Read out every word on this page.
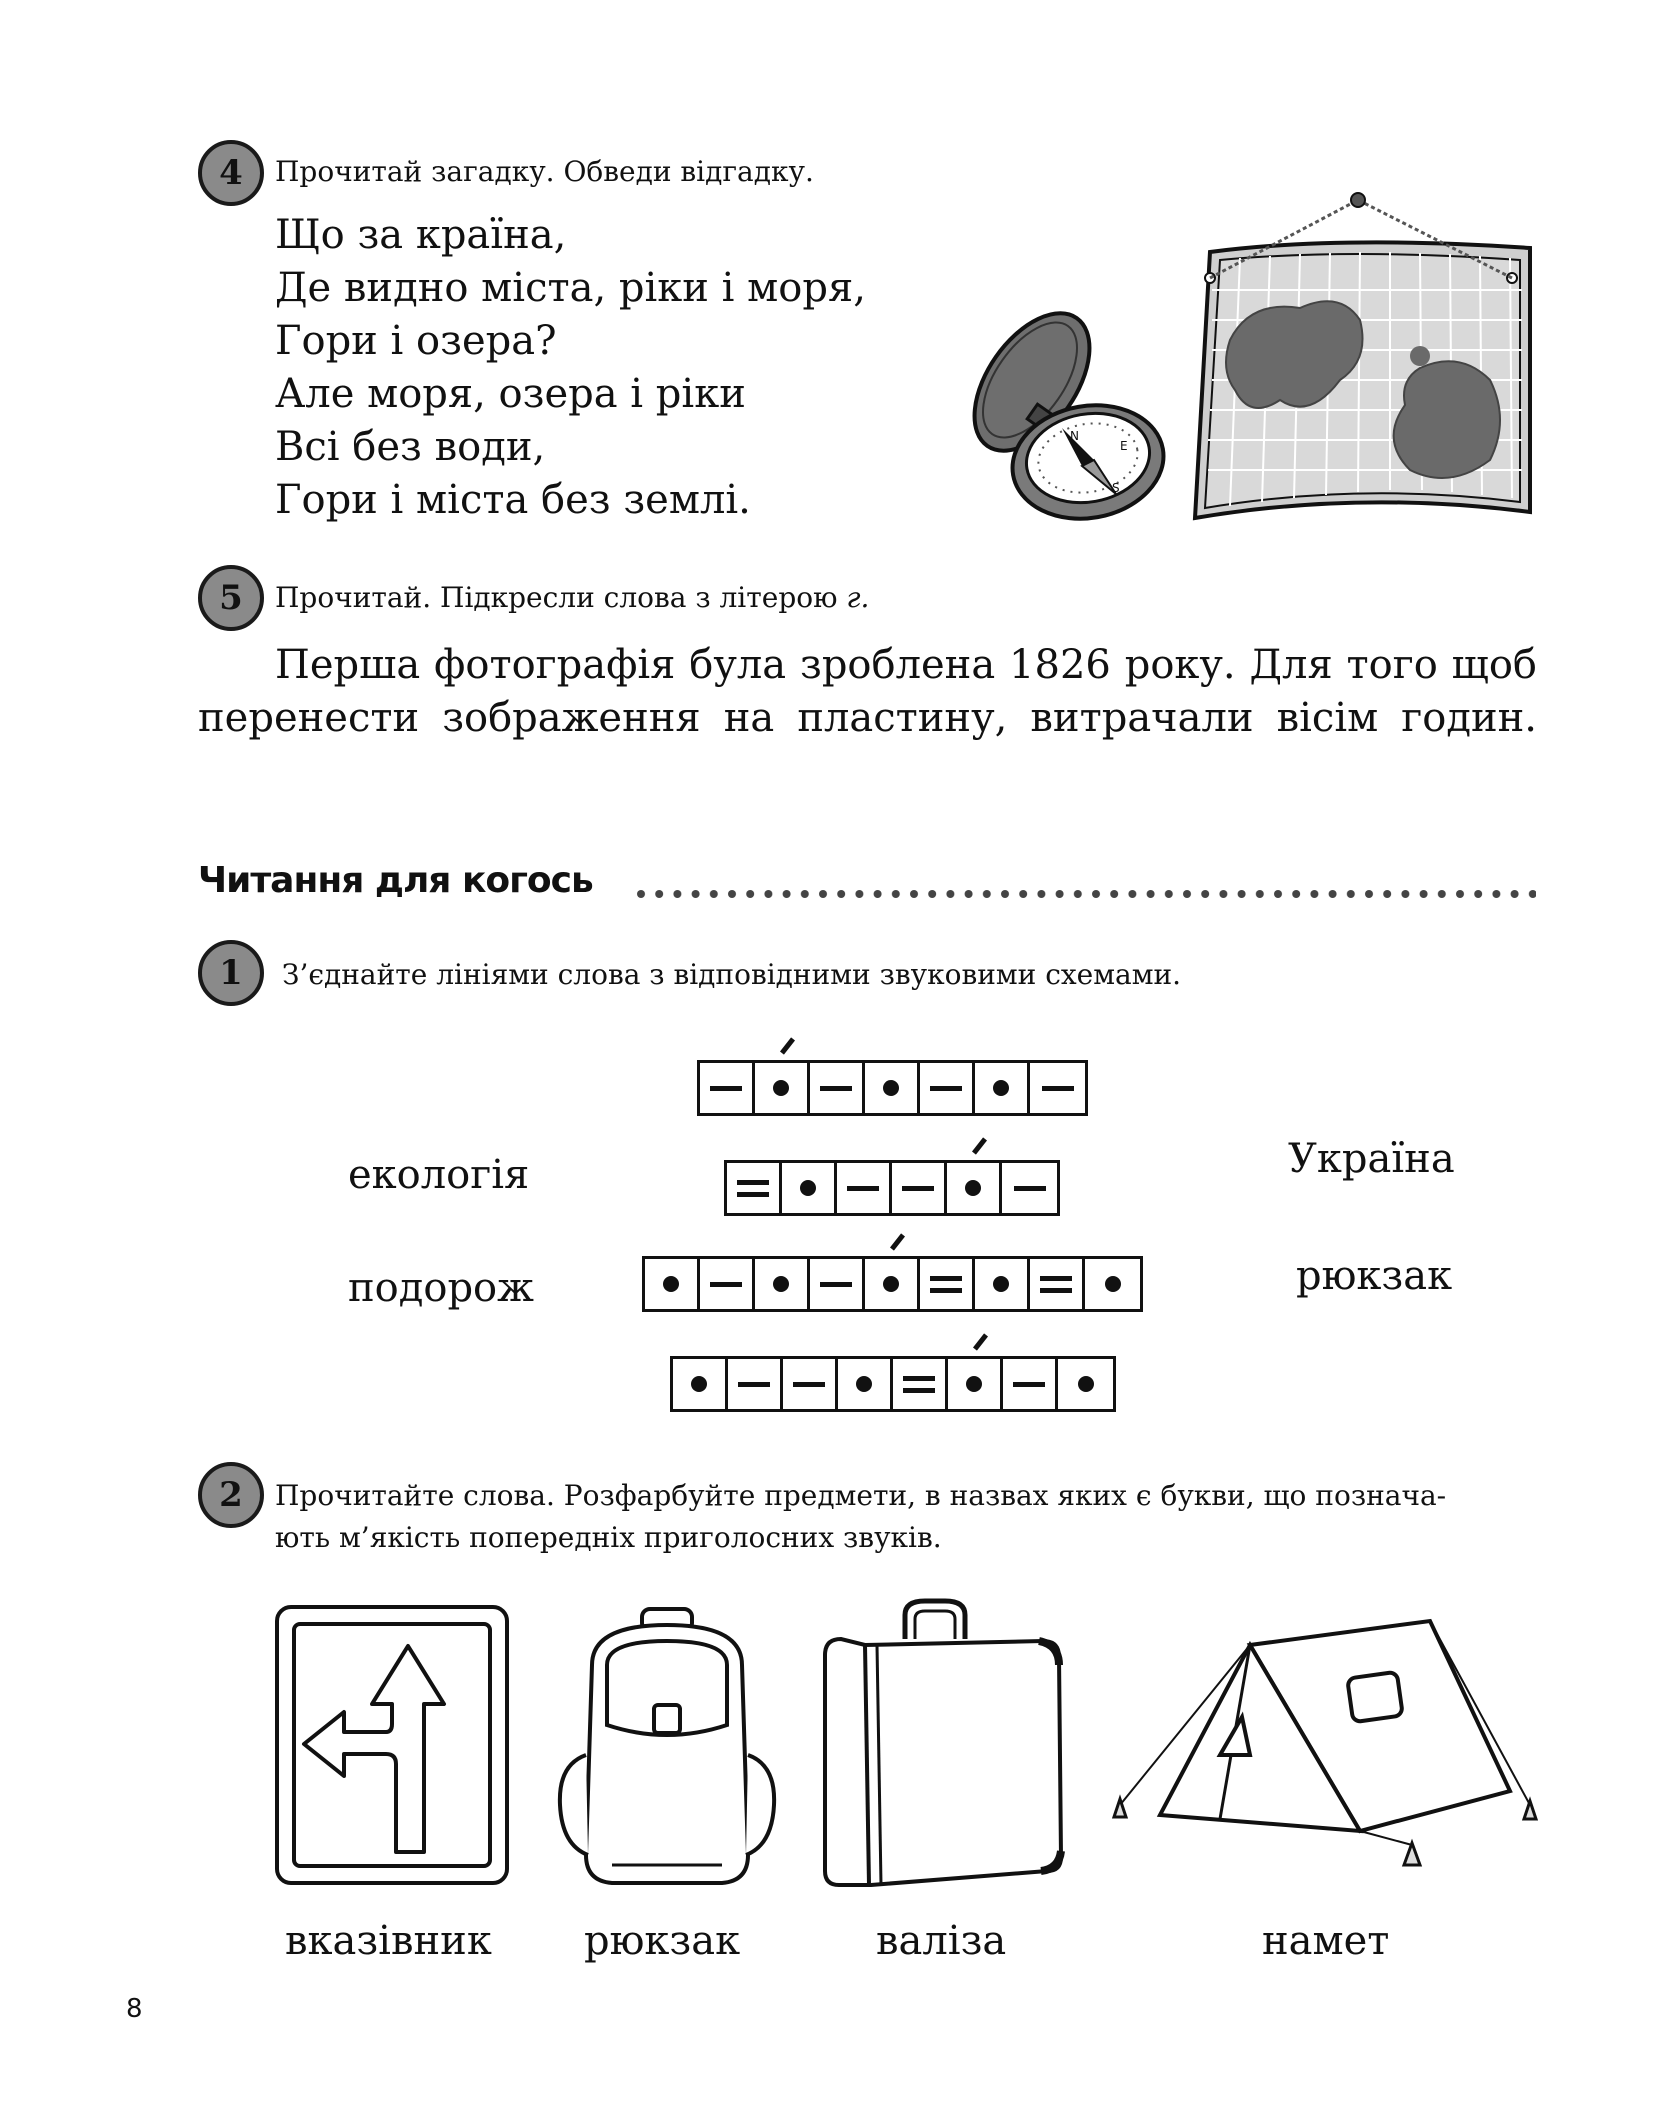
4	Прочитай загадку. Обведи відгадку.
Що за країна,
Де видно міста, ріки і моря,
Гори і озера?
Але моря, озера і ріки
Всі без води,
Гори і міста без землі.
N
E
S
5	Прочитай. Підкресли слова з літерою г.
Перша фотографія була зроблена 1826 року. Для того щоб
перенести зображення на пластину, витрачали вісім годин.
Читання для когось
1	З’єднайте лініями слова з відповідними звуковими схемами.
екологія
подорож
Україна
рюкзак
2	Прочитайте слова. Розфарбуйте предмети, в назвах яких є букви, що познача-
ють м’якість попередніх приголосних звуків.
вказівник рюкзак	валіза	намет
8
